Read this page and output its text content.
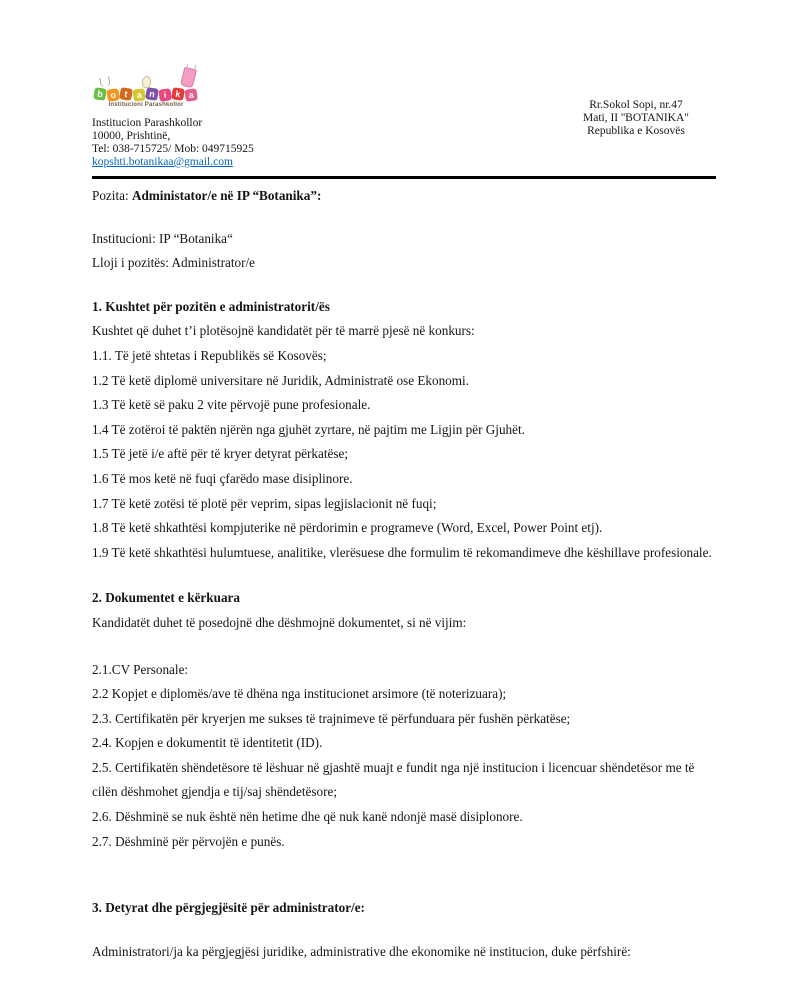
b o t a n i k a
Institucioni Parashkollor
Institucion Parashkollor
10000, Prishtinë,
Tel: 038-715725/ Mob: 049715925
kopshti.botanikaa@gmail.com
Rr.Sokol Sopi, nr.47
Mati, II ''BOTANIKA"
Republika e Kosovës

Pozita: Administator/e në IP “Botanika”:

Institucioni: IP “Botanika“

Lloji i pozitës: Administrator/e

1. Kushtet për pozitën e administratorit/ës

Kushtet që duhet t’i plotësojnë kandidatët për të marrë pjesë në konkurs:

1.1. Të jetë shtetas i Republikës së Kosovës;

1.2 Të ketë diplomë universitare në Juridik, Administratë ose Ekonomi.

1.3 Të ketë së paku 2 vite përvojë pune profesionale.

1.4 Të zotëroi të paktën njërën nga gjuhët zyrtare, në pajtim me Ligjin për Gjuhët.

1.5 Të jetë i/e aftë për të kryer detyrat përkatëse;

1.6 Të mos ketë në fuqi çfarëdo mase disiplinore.

1.7 Të ketë zotësi të plotë për veprim, sipas legjislacionit në fuqi;

1.8 Të ketë shkathtësi kompjuterike në përdorimin e programeve (Word, Excel, Power Point etj).

1.9 Të ketë shkathtësi hulumtuese, analitike, vlerësuese dhe formulim të rekomandimeve dhe këshillave profesionale.

2. Dokumentet e kërkuara

Kandidatët duhet të posedojnë dhe dëshmojnë dokumentet, si në vijim:

2.1.CV Personale:

2.2 Kopjet e diplomës/ave të dhëna nga institucionet arsimore (të noterizuara);

2.3. Certifikatën për kryerjen me sukses të trajnimeve të përfunduara për fushën përkatëse;

2.4. Kopjen e dokumentit të identitetit (ID).

2.5. Certifikatën shëndetësore të lëshuar në gjashtë muajt e fundit nga një institucion i licencuar shëndetësor me të cilën dëshmohet gjendja e tij/saj shëndetësore;

2.6. Dëshminë se nuk është nën hetime dhe që nuk kanë ndonjë masë disiplonore.

2.7. Dëshminë për përvojën e punës.

3. Detyrat dhe përgjegjësitë për administrator/e:

Administratori/ja ka përgjegjësi juridike, administrative dhe ekonomike në institucion, duke përfshirë:
